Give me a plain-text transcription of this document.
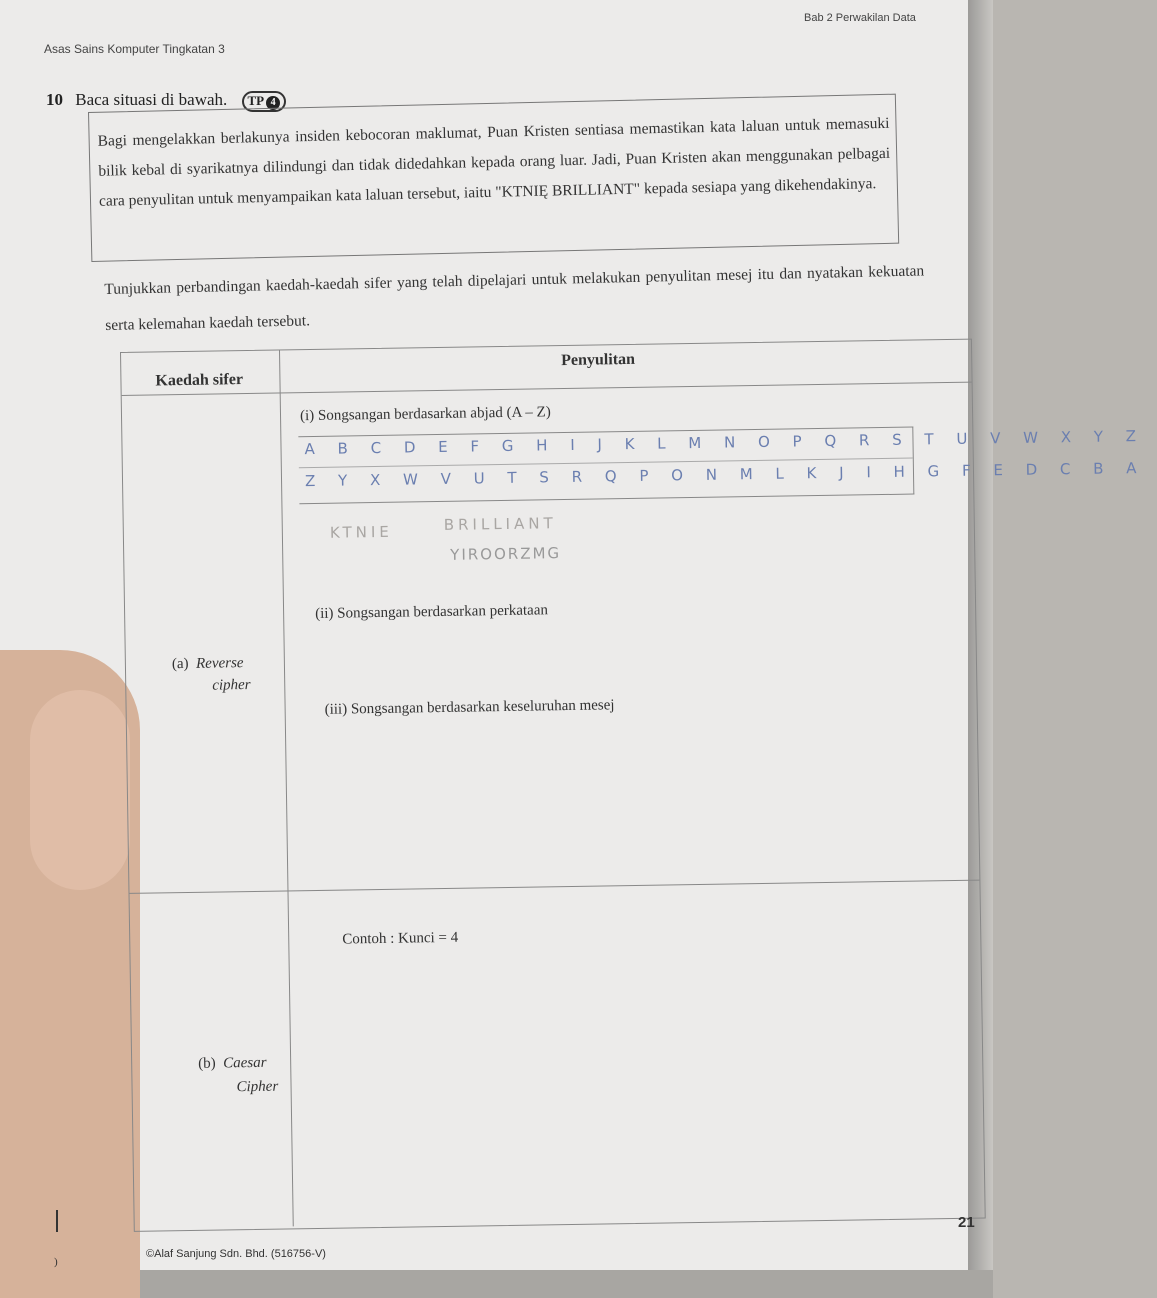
Bab 2 Perwakilan Data
Asas Sains Komputer Tingkatan 3
10 Baca situasi di bawah. TP 4
Bagi mengelakkan berlakunya insiden kebocoran maklumat, Puan Kristen sentiasa memastikan kata laluan untuk memasuki bilik kebal di syarikatnya dilindungi dan tidak didedahkan kepada orang luar. Jadi, Puan Kristen akan menggunakan pelbagai cara penyulitan untuk menyampaikan kata laluan tersebut, iaitu "KTNIĘ BRILLIANT" kepada sesiapa yang dikehendakinya.
Tunjukkan perbandingan kaedah-kaedah sifer yang telah dipelajari untuk melakukan penyulitan mesej itu dan nyatakan kekuatan serta kelemahan kaedah tersebut.
Kaedah sifer
Penyulitan
(i) Songsangan berdasarkan abjad (A – Z)
A B C D E F G H I J K L M N O P Q R S T U V W X Y Z
Z Y X W V U T S R Q P O N M L K J I H G F E D C B A
KTNIE	BRILLIANT
YIROORZMG
(ii) Songsangan berdasarkan perkataan
(a) Reverse
cipher
(iii) Songsangan berdasarkan keseluruhan mesej
Contoh : Kunci = 4
(b) Caesar
Cipher
)
21
©Alaf Sanjung Sdn. Bhd. (516756-V)
